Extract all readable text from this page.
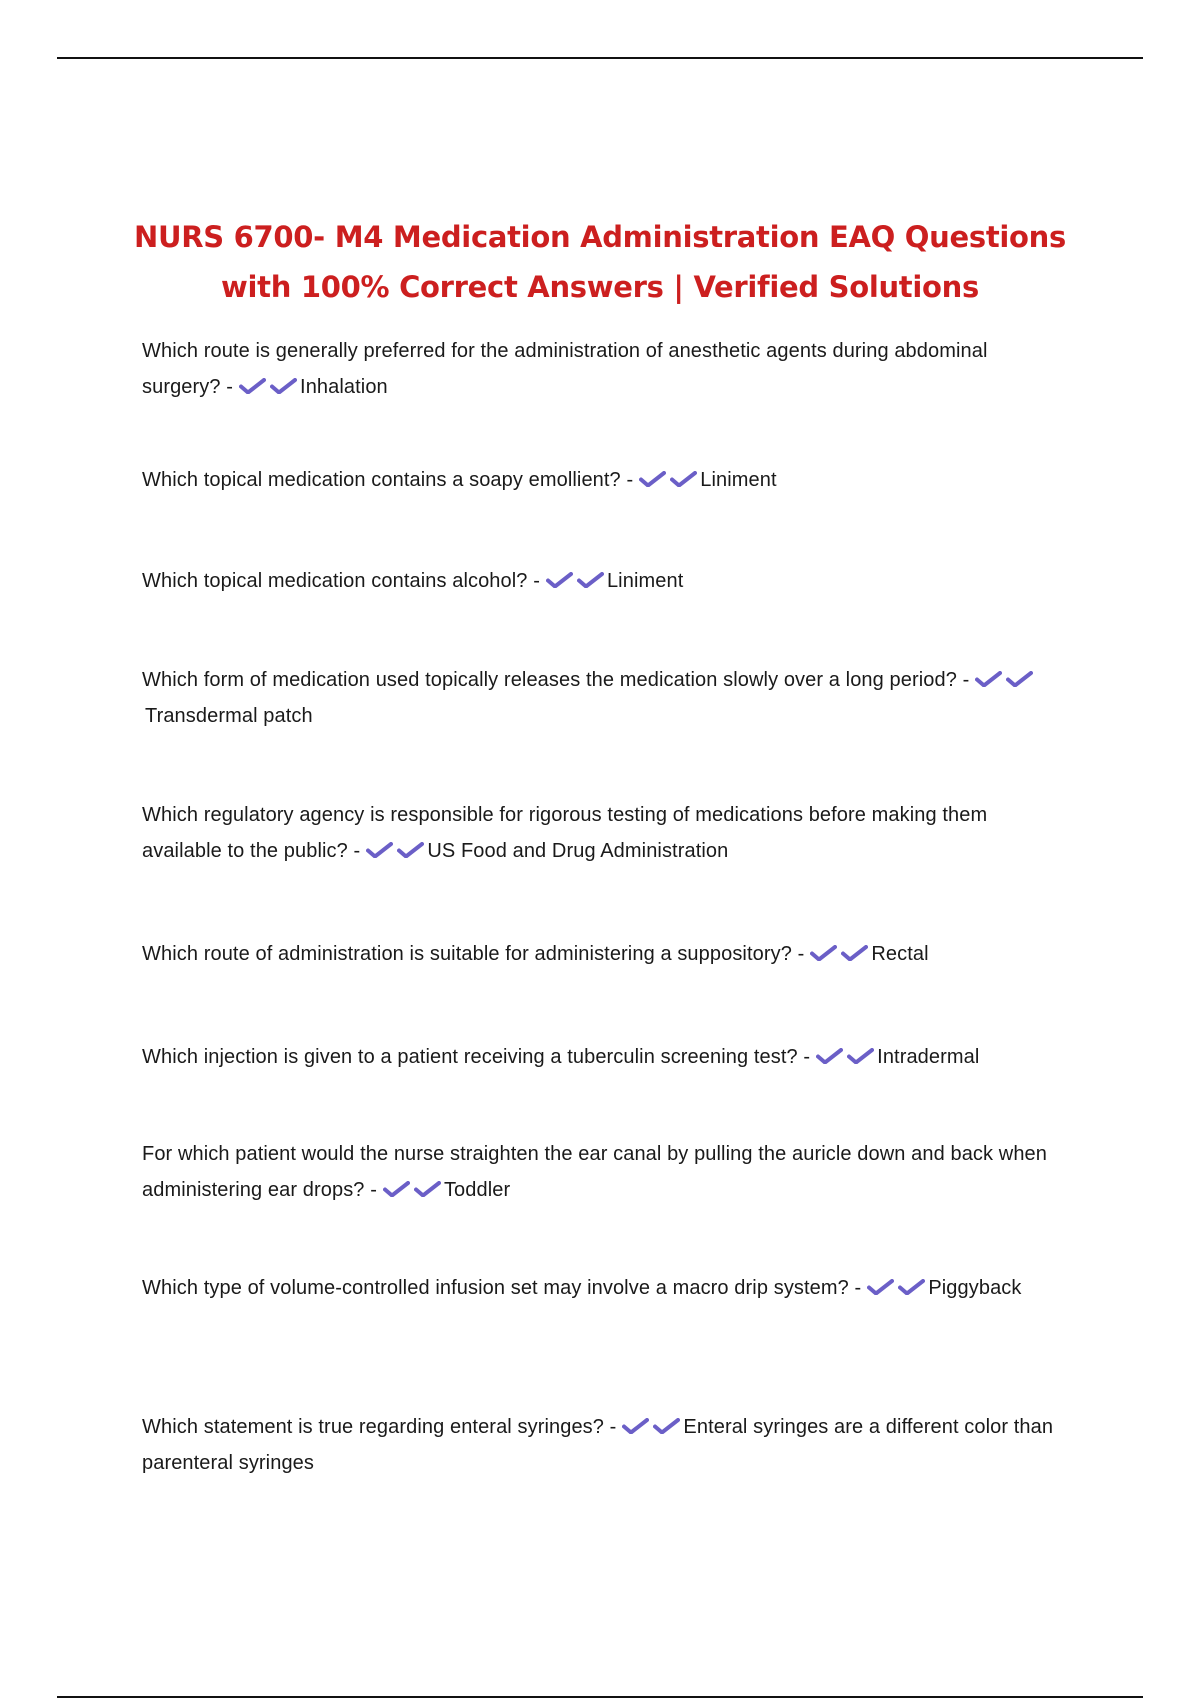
NURS 6700- M4 Medication Administration EAQ Questions
with 100% Correct Answers | Verified Solutions

Which route is generally preferred for the administration of anesthetic agents during abdominal surgery? -	Inhalation

Which topical medication contains a soapy emollient? -	Liniment

Which topical medication contains alcohol? -	Liniment

Which form of medication used topically releases the medication slowly over a long period? -Transdermal patch

Which regulatory agency is responsible for rigorous testing of medications before making them available to the public? -	US Food and Drug Administration

Which route of administration is suitable for administering a suppository? -	Rectal

Which injection is given to a patient receiving a tuberculin screening test? -	Intradermal

For which patient would the nurse straighten the ear canal by pulling the auricle down and back when administering ear drops? -	Toddler

Which type of volume-controlled infusion set may involve a macro drip system? -	Piggyback

Which statement is true regarding enteral syringes? -	Enteral syringes are a different color than parenteral syringes
